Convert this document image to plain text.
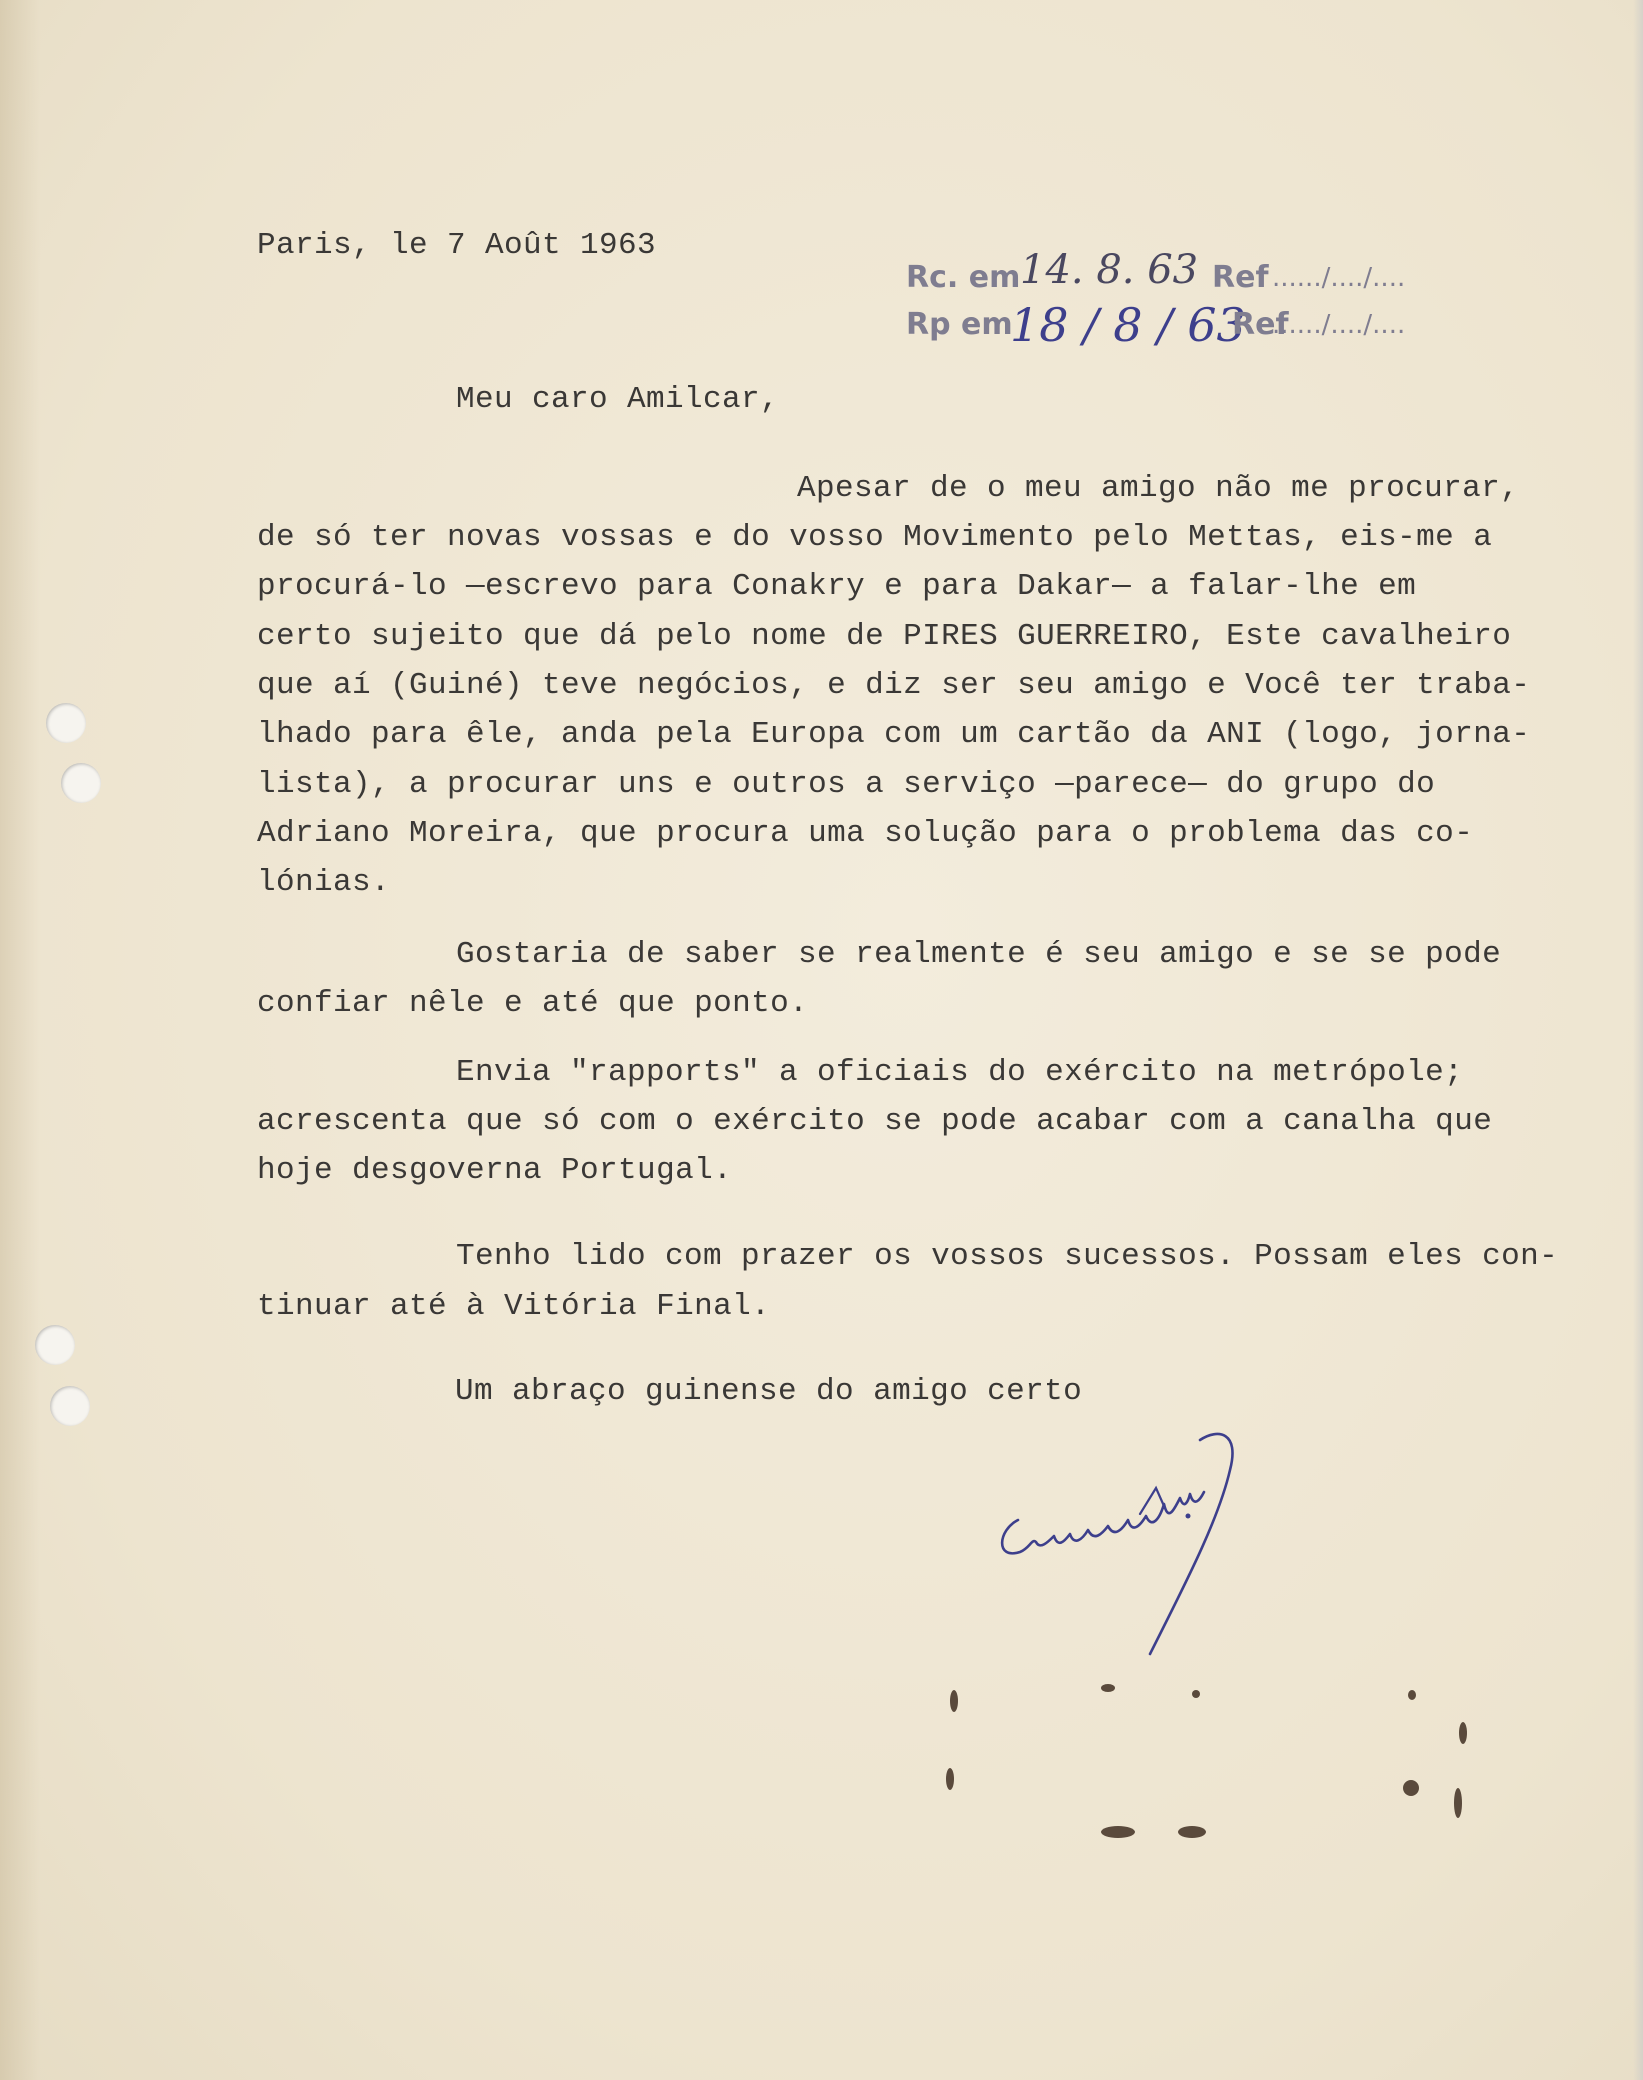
Paris, le 7 Août 1963
Rc. em 14. 8. 63 Ref ....../..../....
Rp em
18 / 8 / 63
Ref
....../..../....
Meu caro Amilcar,
Apesar de o meu amigo não me procurar,
de só ter novas vossas e do vosso Movimento pelo Mettas, eis-me a
procurá-lo —escrevo para Conakry e para Dakar— a falar-lhe em
certo sujeito que dá pelo nome de PIRES GUERREIRO, Este cavalheiro
que aí (Guiné) teve negócios, e diz ser seu amigo e Você ter traba-
lhado para êle, anda pela Europa com um cartão da ANI (logo, jorna-
lista), a procurar uns e outros a serviço —parece— do grupo do
Adriano Moreira, que procura uma solução para o problema das co-
lónias.
Gostaria de saber se realmente é seu amigo e se se pode
confiar nêle e até que ponto.
Envia "rapports" a oficiais do exército na metrópole;
acrescenta que só com o exército se pode acabar com a canalha que
hoje desgoverna Portugal.
Tenho lido com prazer os vossos sucessos. Possam eles con-
tinuar até à Vitória Final.
Um abraço guinense do amigo certo
